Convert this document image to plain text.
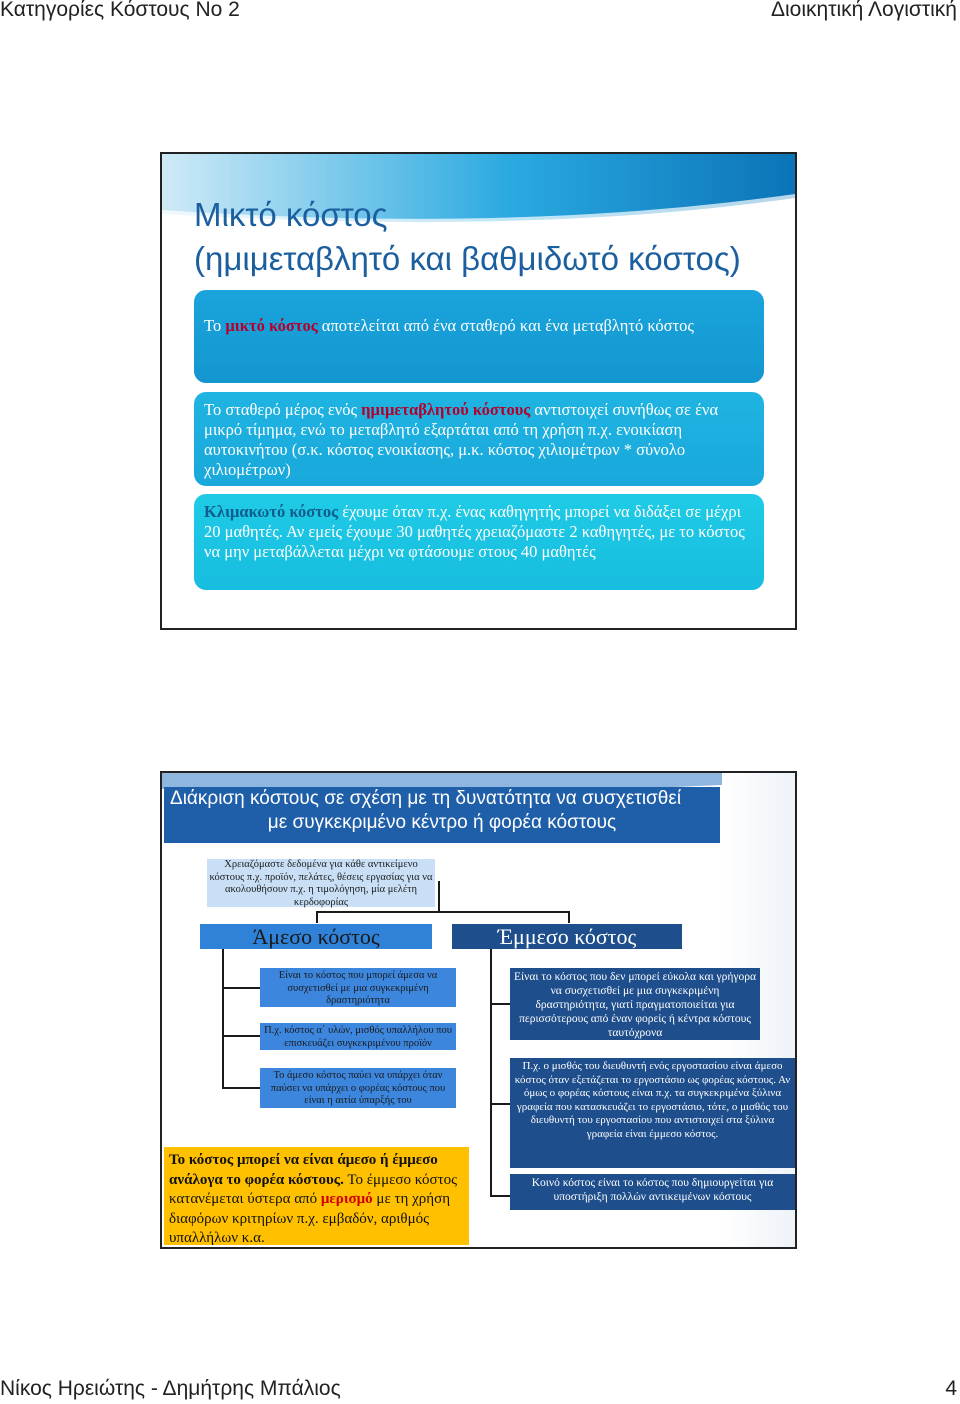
Κατηγορίες Κόστους Νο 2	Διοικητική Λογιστική
Μικτό κόστος
(ημιμεταβλητό και βαθμιδωτό κόστος)
Το μικτό κόστος αποτελείται από ένα σταθερό και ένα μεταβλητό κόστος
Το σταθερό μέρος ενός ημιμεταβλητού κόστους αντιστοιχεί συνήθως σε ένα μικρό τίμημα, ενώ το μεταβλητό εξαρτάται από τη χρήση π.χ. ενοικίαση αυτοκινήτου (σ.κ. κόστος ενοικίασης, μ.κ. κόστος χιλιομέτρων * σύνολο χιλιομέτρων)
Κλιμακωτό κόστος έχουμε όταν π.χ. ένας καθηγητής μπορεί να διδάξει σε μέχρι 20 μαθητές. Αν εμείς έχουμε 30 μαθητές χρειαζόμαστε 2 καθηγητές, με το κόστος να μην μεταβάλλεται μέχρι να φτάσουμε στους 40 μαθητές
Διάκριση κόστους σε σχέση με τη δυνατότητα να συσχετισθεί
με συγκεκριμένο κέντρο ή φορέα κόστους
Χρειαζόμαστε δεδομένα για κάθε αντικείμενο κόστους π.χ. προϊόν, πελάτες, θέσεις εργασίας για να ακολουθήσουν π.χ. η τιμολόγηση, μία μελέτη κερδοφορίας
Άμεσο κόστος	Έμμεσο κόστος
Είναι το κόστος που μπορεί άμεσα να συσχετισθεί με μια συγκεκριμένη δραστηριότητα
Π.χ. κόστος α΄ υλών, μισθός υπαλλήλου που επισκευάζει συγκεκριμένου προϊόν
Το άμεσο κόστος παύει να υπάρχει όταν παύσει να υπάρχει ο φορέας κόστους που είναι η αιτία ύπαρξής του
Είναι το κόστος που δεν μπορεί εύκολα και γρήγορα να συσχετισθεί με μια συγκεκριμένη δραστηριότητα, γιατί πραγματοποιείται για περισσότερους από έναν φορείς ή κέντρα κόστους ταυτόχρονα
Π.χ. ο μισθός του διευθυντή ενός εργοστασίου είναι άμεσο κόστος όταν εξετάζεται το εργοστάσιο ως φορέας κόστους. Αν όμως ο φορέας κόστους είναι π.χ. τα συγκεκριμένα ξύλινα γραφεία που κατασκευάζει το εργοστάσιο, τότε, ο μισθός του διευθυντή του εργοστασίου που αντιστοιχεί στα ξύλινα γραφεία είναι έμμεσο κόστος.
Κοινό κόστος είναι το κόστος που δημιουργείται για υποστήριξη πολλών αντικειμένων κόστους
Το κόστος μπορεί να είναι άμεσο ή έμμεσο ανάλογα το φορέα κόστους. Το έμμεσο κόστος κατανέμεται ύστερα από μερισμό με τη χρήση διαφόρων κριτηρίων π.χ. εμβαδόν, αριθμός υπαλλήλων κ.α.
Νίκος Ηρειώτης - Δημήτρης Μπάλιος	4
